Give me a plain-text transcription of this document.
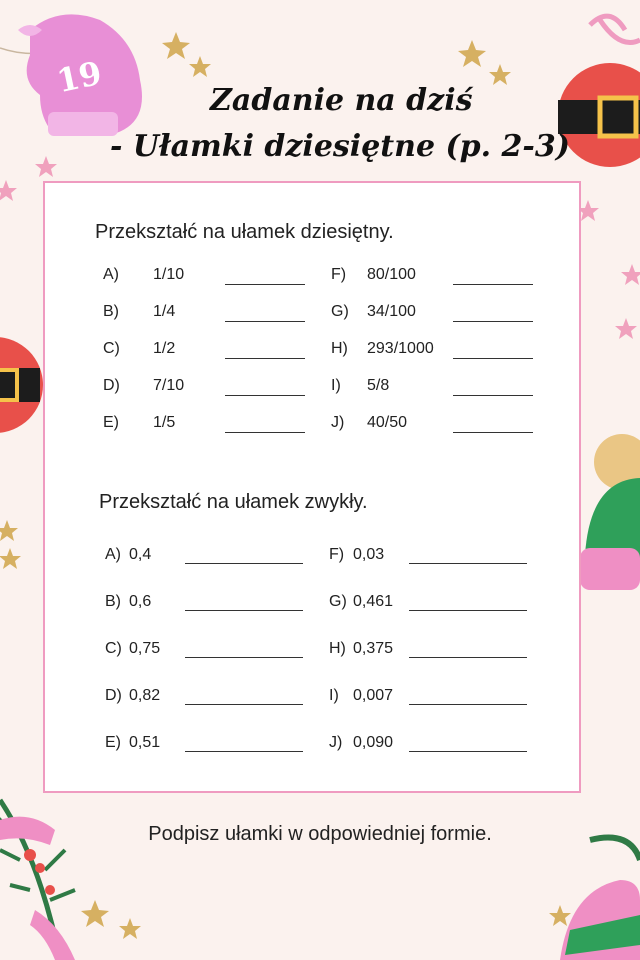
19
Zadanie na dziś
- Ułamki dziesiętne (p. 2-3)
Przekształć na ułamek dziesiętny.
A) 1/10
B) 1/4
C) 1/2
D) 7/10
E) 1/5
F) 80/100
G) 34/100
H) 293/1000
I) 5/8
J) 40/50
Przekształć na ułamek zwykły.
A) 0,4
B) 0,6
C) 0,75
D) 0,82
E) 0,51
F) 0,03
G) 0,461
H) 0,375
I) 0,007
J) 0,090
Podpisz ułamki w odpowiedniej formie.
